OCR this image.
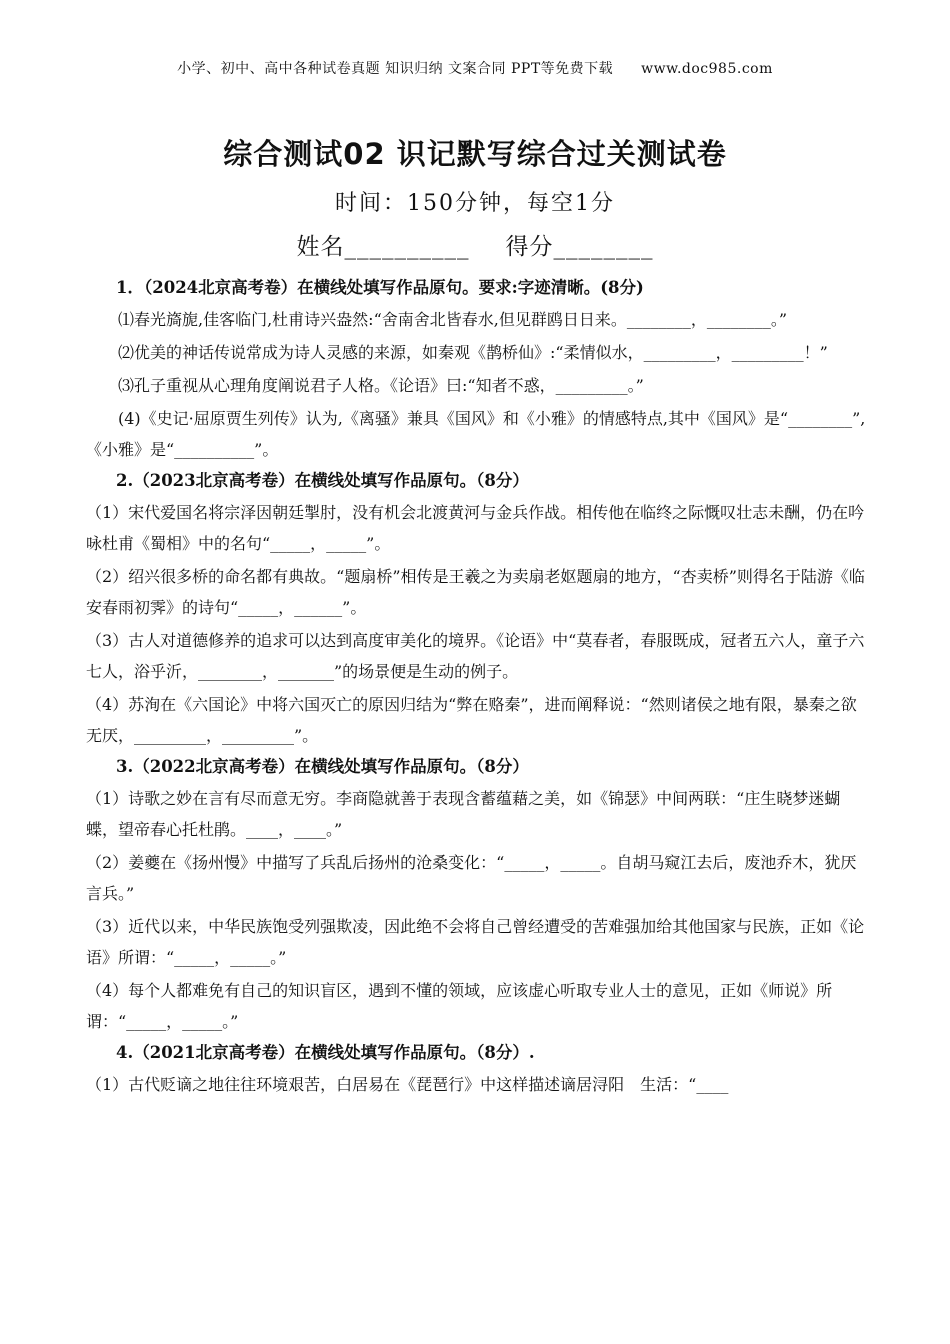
小学、初中、高中各种试卷真题 知识归纳 文案合同 PPT等免费下载 www.doc985.com
综合测试02 识记默写综合过关测试卷
时间：150分钟，每空1分
姓名__________ 得分________
1．（2024北京高考卷）在横线处填写作品原句。要求:字迹清晰。(8分)

⑴春光旖旎,佳客临门,杜甫诗兴盎然:“舍南舍北皆春水,但见群鸥日日来。________，________。”

⑵优美的神话传说常成为诗人灵感的来源，如秦观《鹊桥仙》:“柔情似水，_________，_________！”

⑶孔子重视从心理角度阐说君子人格。《论语》曰:“知者不惑，_________。”

(4)《史记·屈原贾生列传》认为,《离骚》兼具《国风》和《小雅》的情感特点,其中《国风》是“________”,《小雅》是“__________”。

2.（2023北京高考卷）在横线处填写作品原句。（8分）

（1）宋代爱国名将宗泽因朝廷掣肘，没有机会北渡黄河与金兵作战。相传他在临终之际慨叹壮志未酬，仍在吟咏杜甫《蜀相》中的名句“_____，_____”。

（2）绍兴很多桥的命名都有典故。“题扇桥”相传是王羲之为卖扇老妪题扇的地方，“杏卖桥”则得名于陆游《临安春雨初霁》的诗句“_____，______”。

（3）古人对道德修养的追求可以达到高度审美化的境界。《论语》中“莫春者，春服既成，冠者五六人，童子六七人，浴乎沂，________，_______”的场景便是生动的例子。

（4）苏洵在《六国论》中将六国灭亡的原因归结为“弊在赂秦”，进而阐释说：“然则诸侯之地有限，暴秦之欲无厌，_________，_________”。

3.（2022北京高考卷）在横线处填写作品原句。（8分）

（1）诗歌之妙在言有尽而意无穷。李商隐就善于表现含蓄蕴藉之美，如《锦瑟》中间两联：“庄生晓梦迷蝴蝶，望帝春心托杜鹃。____，____。”

（2）姜夔在《扬州慢》中描写了兵乱后扬州的沧桑变化：“_____，_____。自胡马窥江去后，废池乔木，犹厌言兵。”

（3）近代以来，中华民族饱受列强欺凌，因此绝不会将自己曾经遭受的苦难强加给其他国家与民族，正如《论语》所谓：“_____，_____。”

（4）每个人都难免有自己的知识盲区，遇到不懂的领域，应该虚心听取专业人士的意见，正如《师说》所谓：“_____，_____。”

4.（2021北京高考卷）在横线处填写作品原句。（8分）.

（1）古代贬谪之地往往环境艰苦，白居易在《琵琶行》中这样描述谪居浔阳　生活：“____
